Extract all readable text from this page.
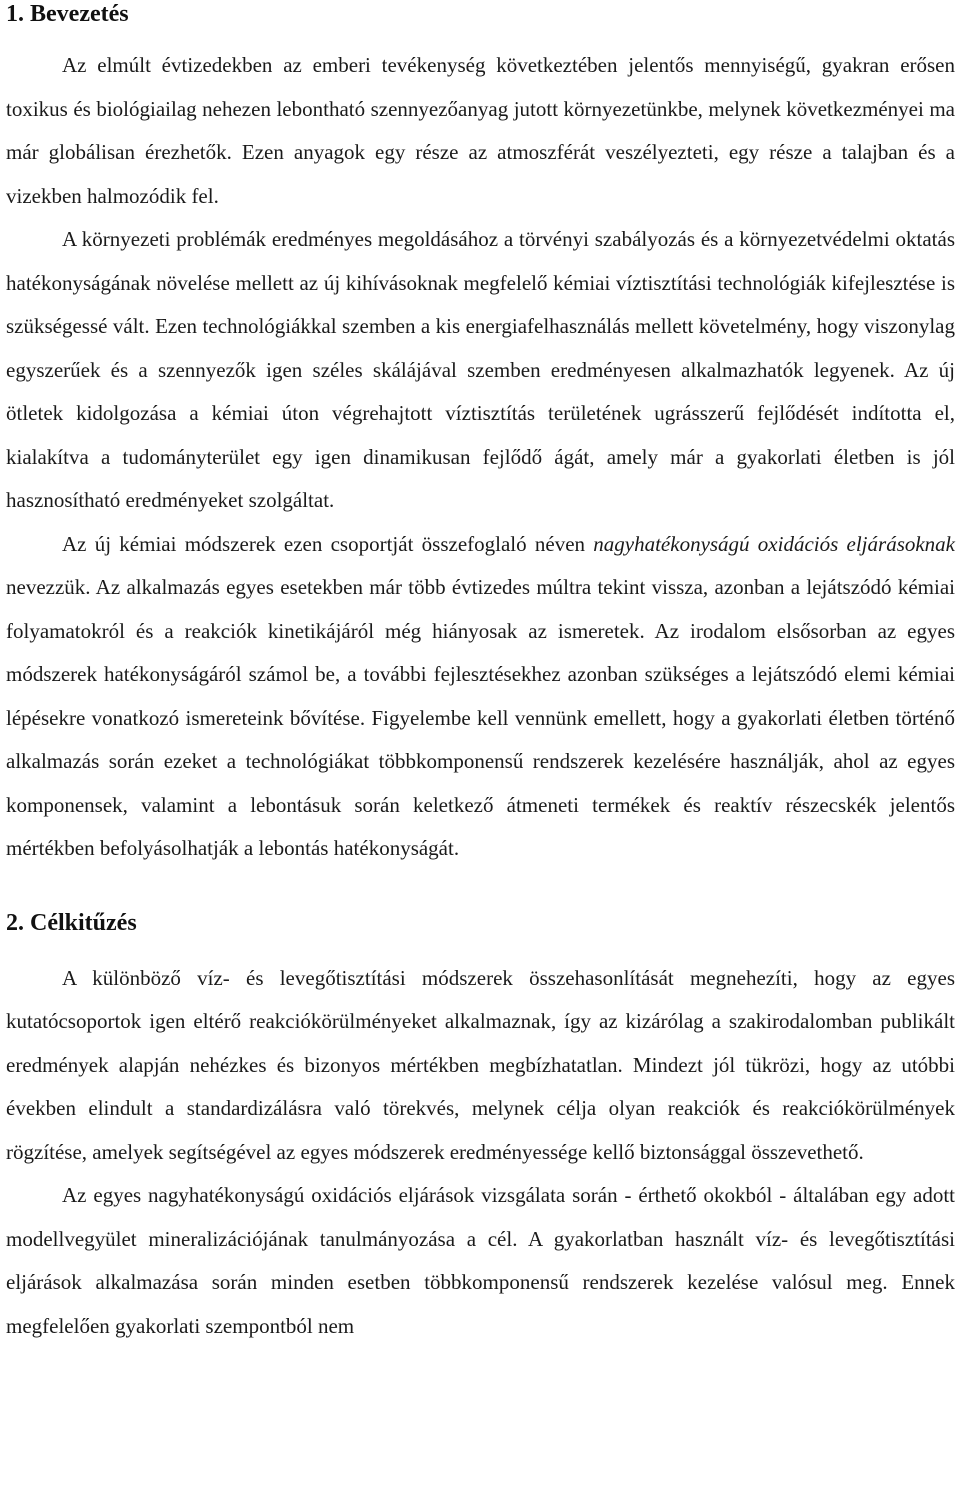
1. Bevezetés

Az elmúlt évtizedekben az emberi tevékenység következtében jelentős mennyiségű, gyakran erősen toxikus és biológiailag nehezen lebontható szennyezőanyag jutott környezetünkbe, melynek következményei ma már globálisan érezhetők. Ezen anyagok egy része az atmoszférát veszélyezteti, egy része a talajban és a vizekben halmozódik fel.

A környezeti problémák eredményes megoldásához a törvényi szabályozás és a környezetvédelmi oktatás hatékonyságának növelése mellett az új kihívásoknak megfelelő kémiai víztisztítási technológiák kifejlesztése is szükségessé vált. Ezen technológiákkal szemben a kis energiafelhasználás mellett követelmény, hogy viszonylag egyszerűek és a szennyezők igen széles skálájával szemben eredményesen alkalmazhatók legyenek. Az új ötletek kidolgozása a kémiai úton végrehajtott víztisztítás területének ugrásszerű fejlődését indította el, kialakítva a tudományterület egy igen dinamikusan fejlődő ágát, amely már a gyakorlati életben is jól hasznosítható eredményeket szolgáltat.

Az új kémiai módszerek ezen csoportját összefoglaló néven nagyhatékonyságú oxidációs eljárásoknak nevezzük. Az alkalmazás egyes esetekben már több évtizedes múltra tekint vissza, azonban a lejátszódó kémiai folyamatokról és a reakciók kinetikájáról még hiányosak az ismeretek. Az irodalom elsősorban az egyes módszerek hatékonyságáról számol be, a további fejlesztésekhez azonban szükséges a lejátszódó elemi kémiai lépésekre vonatkozó ismereteink bővítése. Figyelembe kell vennünk emellett, hogy a gyakorlati életben történő alkalmazás során ezeket a technológiákat többkomponensű rendszerek kezelésére használják, ahol az egyes komponensek, valamint a lebontásuk során keletkező átmeneti termékek és reaktív részecskék jelentős mértékben befolyásolhatják a lebontás hatékonyságát.

2. Célkitűzés

A különböző víz- és levegőtisztítási módszerek összehasonlítását megnehezíti, hogy az egyes kutatócsoportok igen eltérő reakciókörülményeket alkalmaznak, így az kizárólag a szakirodalomban publikált eredmények alapján nehézkes és bizonyos mértékben megbízhatatlan. Mindezt jól tükrözi, hogy az utóbbi években elindult a standardizálásra való törekvés, melynek célja olyan reakciók és reakciókörülmények rögzítése, amelyek segítségével az egyes módszerek eredményessége kellő biztonsággal összevethető.

Az egyes nagyhatékonyságú oxidációs eljárások vizsgálata során - érthető okokból - általában egy adott modellvegyület mineralizációjának tanulmányozása a cél. A gyakorlatban használt víz- és levegőtisztítási eljárások alkalmazása során minden esetben többkomponensű rendszerek kezelése valósul meg. Ennek megfelelően gyakorlati szempontból nem
